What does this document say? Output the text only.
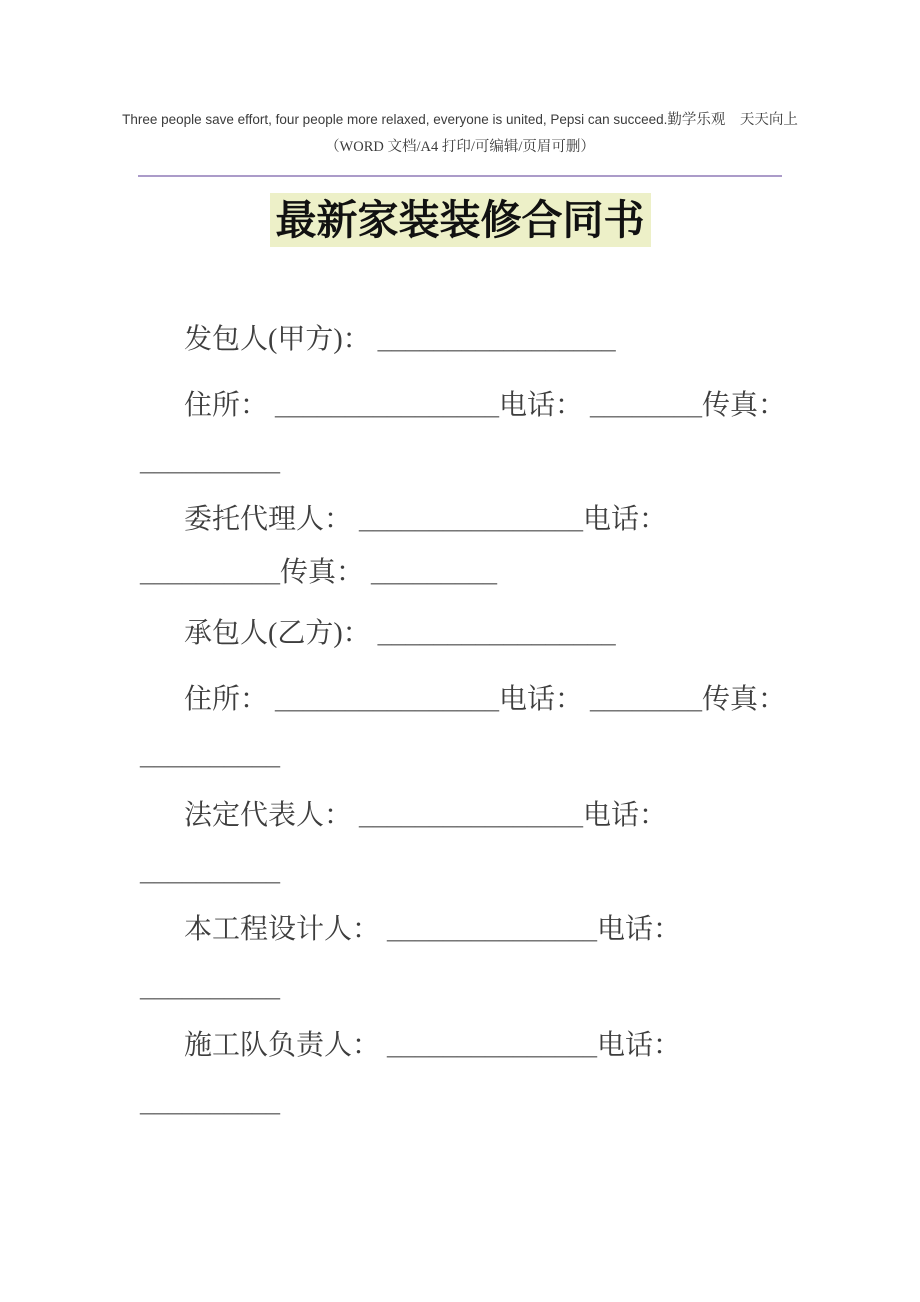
Three people save effort, four people more relaxed, everyone is united, Pepsi can succeed.勤学乐观　天天向上
（WORD 文档/A4 打印/可编辑/页眉可删）
最新家装装修合同书
发包人(甲方)： _________________
住所： ________________电话： ________传真：
__________
委托代理人： ________________电话：
__________传真： _________
承包人(乙方)： _________________
住所： ________________电话： ________传真：
__________
法定代表人： ________________电话：
__________
本工程设计人： _______________电话：
__________
施工队负责人： _______________电话：
__________
